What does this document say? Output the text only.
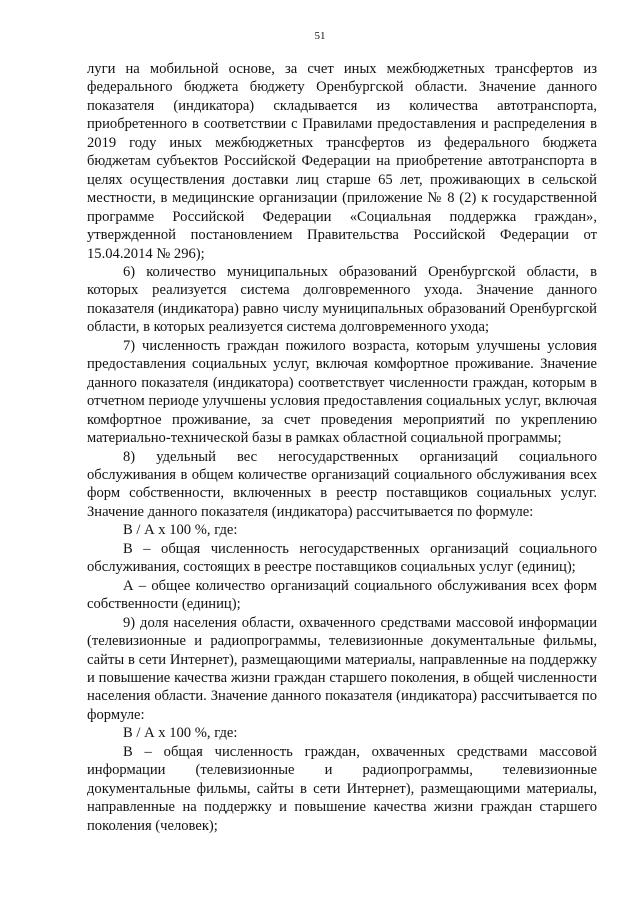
51

луги на мобильной основе, за счет иных межбюджетных трансфертов из федерального бюджета бюджету Оренбургской области. Значение данного показателя (индикатора) складывается из количества автотранспорта, приобретенного в соответствии с Правилами предоставления и распределения в 2019 году иных межбюджетных трансфертов из федерального бюджета бюджетам субъектов Российской Федерации на приобретение автотранспорта в целях осуществления доставки лиц старше 65 лет, проживающих в сельской местности, в медицинские организации (приложение № 8 (2) к государственной программе Российской Федерации «Социальная поддержка граждан», утвержденной постановлением Правительства Российской Федерации от 15.04.2014 № 296);

6) количество муниципальных образований Оренбургской области, в которых реализуется система долговременного ухода. Значение данного показателя (индикатора) равно числу муниципальных образований Оренбургской области, в которых реализуется система долговременного ухода;

7) численность граждан пожилого возраста, которым улучшены условия предоставления социальных услуг, включая комфортное проживание. Значение данного показателя (индикатора) соответствует численности граждан, которым в отчетном периоде улучшены условия предоставления социальных услуг, включая комфортное проживание, за счет проведения мероприятий по укреплению материально-технической базы в рамках областной социальной программы;

8) удельный вес негосударственных организаций социального обслуживания в общем количестве организаций социального обслуживания всех форм собственности, включенных в реестр поставщиков социальных услуг. Значение данного показателя (индикатора) рассчитывается по формуле:

В / А x 100 %, где:

В – общая численность негосударственных организаций социального обслуживания, состоящих в реестре поставщиков социальных услуг (единиц);

А – общее количество организаций социального обслуживания всех форм собственности (единиц);

9) доля населения области, охваченного средствами массовой информации (телевизионные и радиопрограммы, телевизионные документальные фильмы, сайты в сети Интернет), размещающими материалы, направленные на поддержку и повышение качества жизни граждан старшего поколения, в общей численности населения области. Значение данного показателя (индикатора) рассчитывается по формуле:

В / А x 100 %, где:

В – общая численность граждан, охваченных средствами массовой информации (телевизионные и радиопрограммы, телевизионные документальные фильмы, сайты в сети Интернет), размещающими материалы, направленные на поддержку и повышение качества жизни граждан старшего поколения (человек);
